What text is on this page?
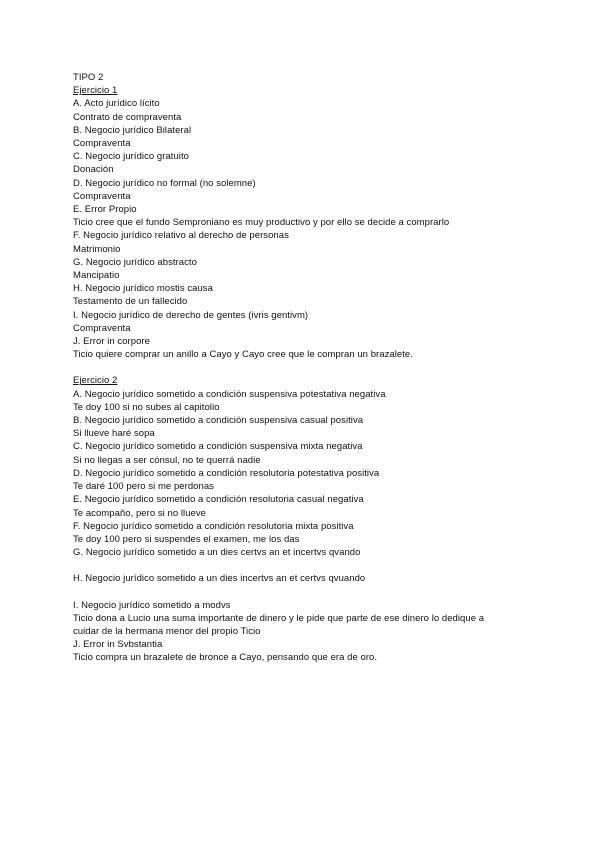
TIPO 2
Ejercicio 1
A. Acto jurídico lícito
Contrato de compraventa
B. Negocio jurídico Bilateral
Compraventa
C. Negocio jurídico gratuito
Donación
D. Negocio jurídico no formal (no solemne)
Compraventa
E. Error Propio
Ticio cree que el fundo Semproniano es muy productivo y por ello se decide a comprarlo
F. Negocio jurídico relativo al derecho de personas
Matrimonio
G. Negocio jurídico abstracto
Mancipatio
H. Negocio jurídico mostis causa
Testamento de un fallecido
I. Negocio jurídico de derecho de gentes (ivris gentivm)
Compraventa
J. Error in corpore
Ticio quiere comprar un anillo a Cayo y Cayo cree que le compran un brazalete.
Ejercicio 2
A. Negocio jurídico sometido a condición suspensiva potestativa negativa
Te doy 100 si no subes al capitolio
B. Negocio jurídico sometido a condición suspensiva casual positiva
Si llueve haré sopa
C. Negocio jurídico sometido a condición suspensiva mixta negativa
Si no llegas a ser cónsul, no te querrá nadie
D. Negocio jurídico sometido a condición resolutoria potestativa positiva
Te daré 100 pero si me perdonas
E. Negocio jurídico sometido a condición resolutoria casual negativa
Te acompaño, pero si no llueve
F. Negocio jurídico sometido a condición resolutoria mixta positiva
Te doy 100 pero si suspendes el examen, me los das
G. Negocio jurídico sometido a un dies certvs an et incertvs qvando
H. Negocio jurídico sometido a un dies incertvs an et certvs qvuando
I. Negocio jurídico sometido a modvs
Ticio dona a Lucio una suma importante de dinero y le pide que parte de ese dinero lo dedique a
cuidar de la hermana menor del propio Ticio
J. Error in Svbstantia
Ticio compra un brazalete de bronce a Cayo, pensando que era de oro.
